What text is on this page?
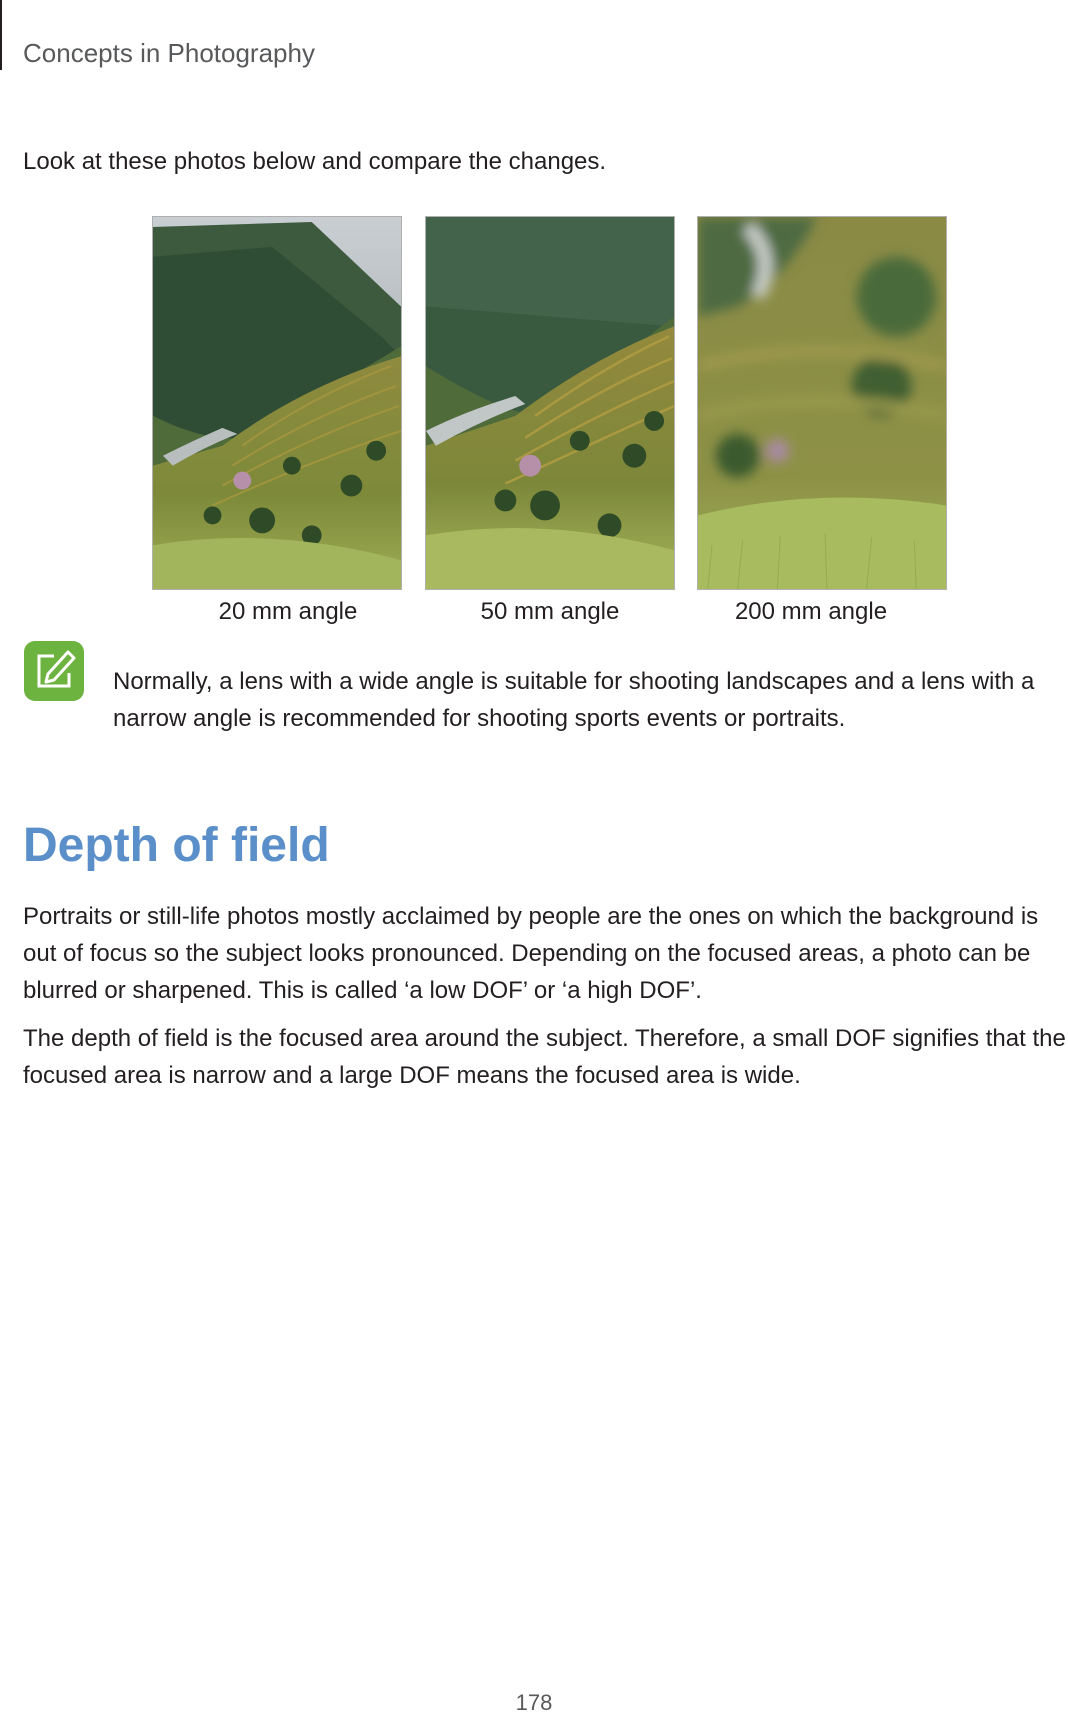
Concepts in Photography
Look at these photos below and compare the changes.
20 mm angle	50 mm angle	200 mm angle
Normally, a lens with a wide angle is suitable for shooting landscapes and a lens with a narrow angle is recommended for shooting sports events or portraits.
Depth of field
Portraits or still-life photos mostly acclaimed by people are the ones on which the background is out of focus so the subject looks pronounced. Depending on the focused areas, a photo can be blurred or sharpened. This is called ‘a low DOF’ or ‘a high DOF’.
The depth of field is the focused area around the subject. Therefore, a small DOF signifies that the focused area is narrow and a large DOF means the focused area is wide.
178
